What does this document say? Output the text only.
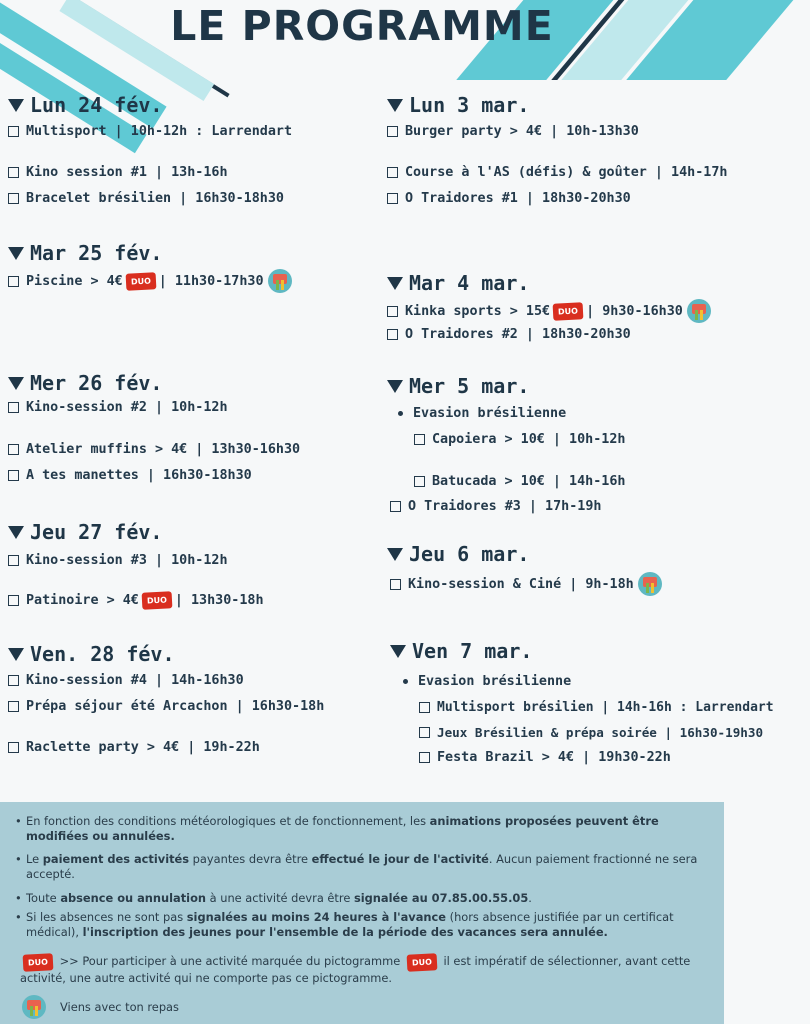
LE PROGRAMME
Lun 24 fév.
Multisport | 10h-12h : Larrendart
Kino session #1 | 13h-16h
Bracelet brésilien | 16h30-18h30
Mar 25 fév.
Piscine > 4€ DUO | 11h30-17h30
Mer 26 fév.
Kino-session #2 | 10h-12h
Atelier muffins > 4€ | 13h30-16h30
A tes manettes | 16h30-18h30
Jeu 27 fév.
Kino-session #3 | 10h-12h
Patinoire > 4€ DUO | 13h30-18h
Ven. 28 fév.
Kino-session #4 | 14h-16h30
Prépa séjour été Arcachon | 16h30-18h
Raclette party > 4€ | 19h-22h
Lun 3 mar.
Burger party > 4€ | 10h-13h30
Course à l'AS (défis) & goûter | 14h-17h
O Traidores #1 | 18h30-20h30
Mar 4 mar.
Kinka sports > 15€ DUO | 9h30-16h30
O Traidores #2 | 18h30-20h30
Mer 5 mar.
Evasion brésilienne
Capoiera > 10€ | 10h-12h
Batucada > 10€ | 14h-16h
O Traidores #3 | 17h-19h
Jeu 6 mar.
Kino-session & Ciné | 9h-18h
Ven 7 mar.
Evasion brésilienne
Multisport brésilien | 14h-16h : Larrendart
Jeux Brésilien & prépa soirée | 16h30-19h30
Festa Brazil > 4€ | 19h30-22h
• En fonction des conditions météorologiques et de fonctionnement, les animations proposées peuvent être modifiées ou annulées.
• Le paiement des activités payantes devra être effectué le jour de l'activité. Aucun paiement fractionné ne sera accepté.
• Toute absence ou annulation à une activité devra être signalée au 07.85.00.55.05.
• Si les absences ne sont pas signalées au moins 24 heures à l'avance (hors absence justifiée par un certificat médical), l'inscription des jeunes pour l'ensemble de la période des vacances sera annulée.
DUO >> Pour participer à une activité marquée du pictogramme DUO il est impératif de sélectionner, avant cette activité, une autre activité qui ne comporte pas ce pictogramme.
Viens avec ton repas
